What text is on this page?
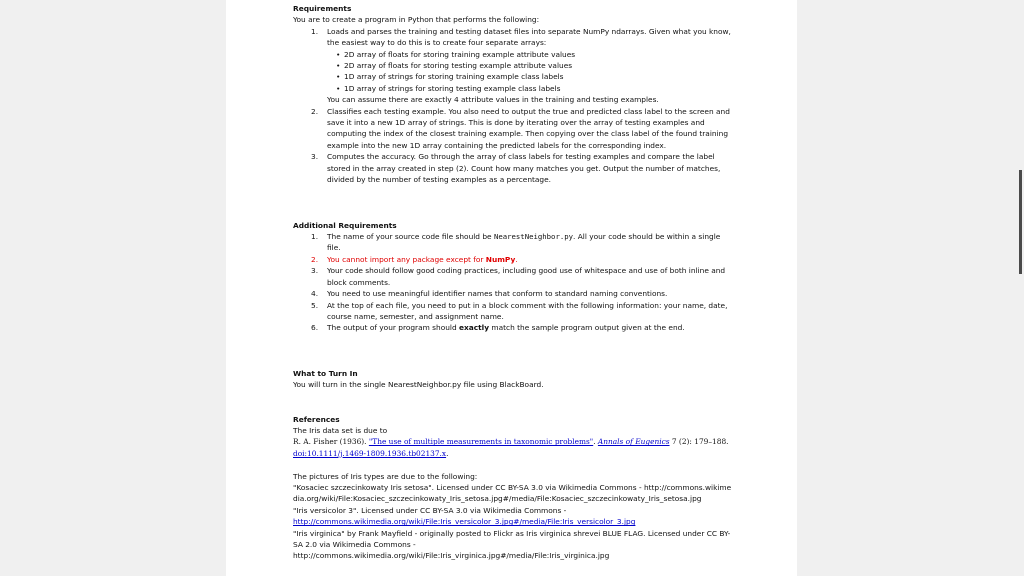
Requirements
You are to create a program in Python that performs the following:
1. Loads and parses the training and testing dataset files into separate NumPy ndarrays. Given what you know, the easiest way to do this is to create four separate arrays:
• 2D array of floats for storing training example attribute values
• 2D array of floats for storing testing example attribute values
• 1D array of strings for storing training example class labels
• 1D array of strings for storing testing example class labels
You can assume there are exactly 4 attribute values in the training and testing examples.
2. Classifies each testing example. You also need to output the true and predicted class label to the screen and save it into a new 1D array of strings. This is done by iterating over the array of testing examples and computing the index of the closest training example. Then copying over the class label of the found training example into the new 1D array containing the predicted labels for the corresponding index.
3. Computes the accuracy. Go through the array of class labels for testing examples and compare the label stored in the array created in step (2). Count how many matches you get. Output the number of matches, divided by the number of testing examples as a percentage.
Additional Requirements
1. The name of your source code file should be NearestNeighbor.py. All your code should be within a single file.
2. You cannot import any package except for NumPy.
3. Your code should follow good coding practices, including good use of whitespace and use of both inline and block comments.
4. You need to use meaningful identifier names that conform to standard naming conventions.
5. At the top of each file, you need to put in a block comment with the following information: your name, date, course name, semester, and assignment name.
6. The output of your program should exactly match the sample program output given at the end.
What to Turn In
You will turn in the single NearestNeighbor.py file using BlackBoard.
References
The Iris data set is due to
R. A. Fisher (1936). "The use of multiple measurements in taxonomic problems". Annals of Eugenics 7 (2): 179–188. doi:10.1111/j.1469-1809.1936.tb02137.x.
The pictures of Iris types are due to the following:
"Kosaciec szczecinkowaty Iris setosa". Licensed under CC BY-SA 3.0 via Wikimedia Commons - http://commons.wikimedia.org/wiki/File:Kosaciec_szczecinkowaty_Iris_setosa.jpg#/media/File:Kosaciec_szczecinkowaty_Iris_setosa.jpg
"Iris versicolor 3". Licensed under CC BY-SA 3.0 via Wikimedia Commons -
http://commons.wikimedia.org/wiki/File:Iris_versicolor_3.jpg#/media/File:Iris_versicolor_3.jpg
"Iris virginica" by Frank Mayfield - originally posted to Flickr as Iris virginica shrevei BLUE FLAG. Licensed under CC BY-SA 2.0 via Wikimedia Commons -
http://commons.wikimedia.org/wiki/File:Iris_virginica.jpg#/media/File:Iris_virginica.jpg
